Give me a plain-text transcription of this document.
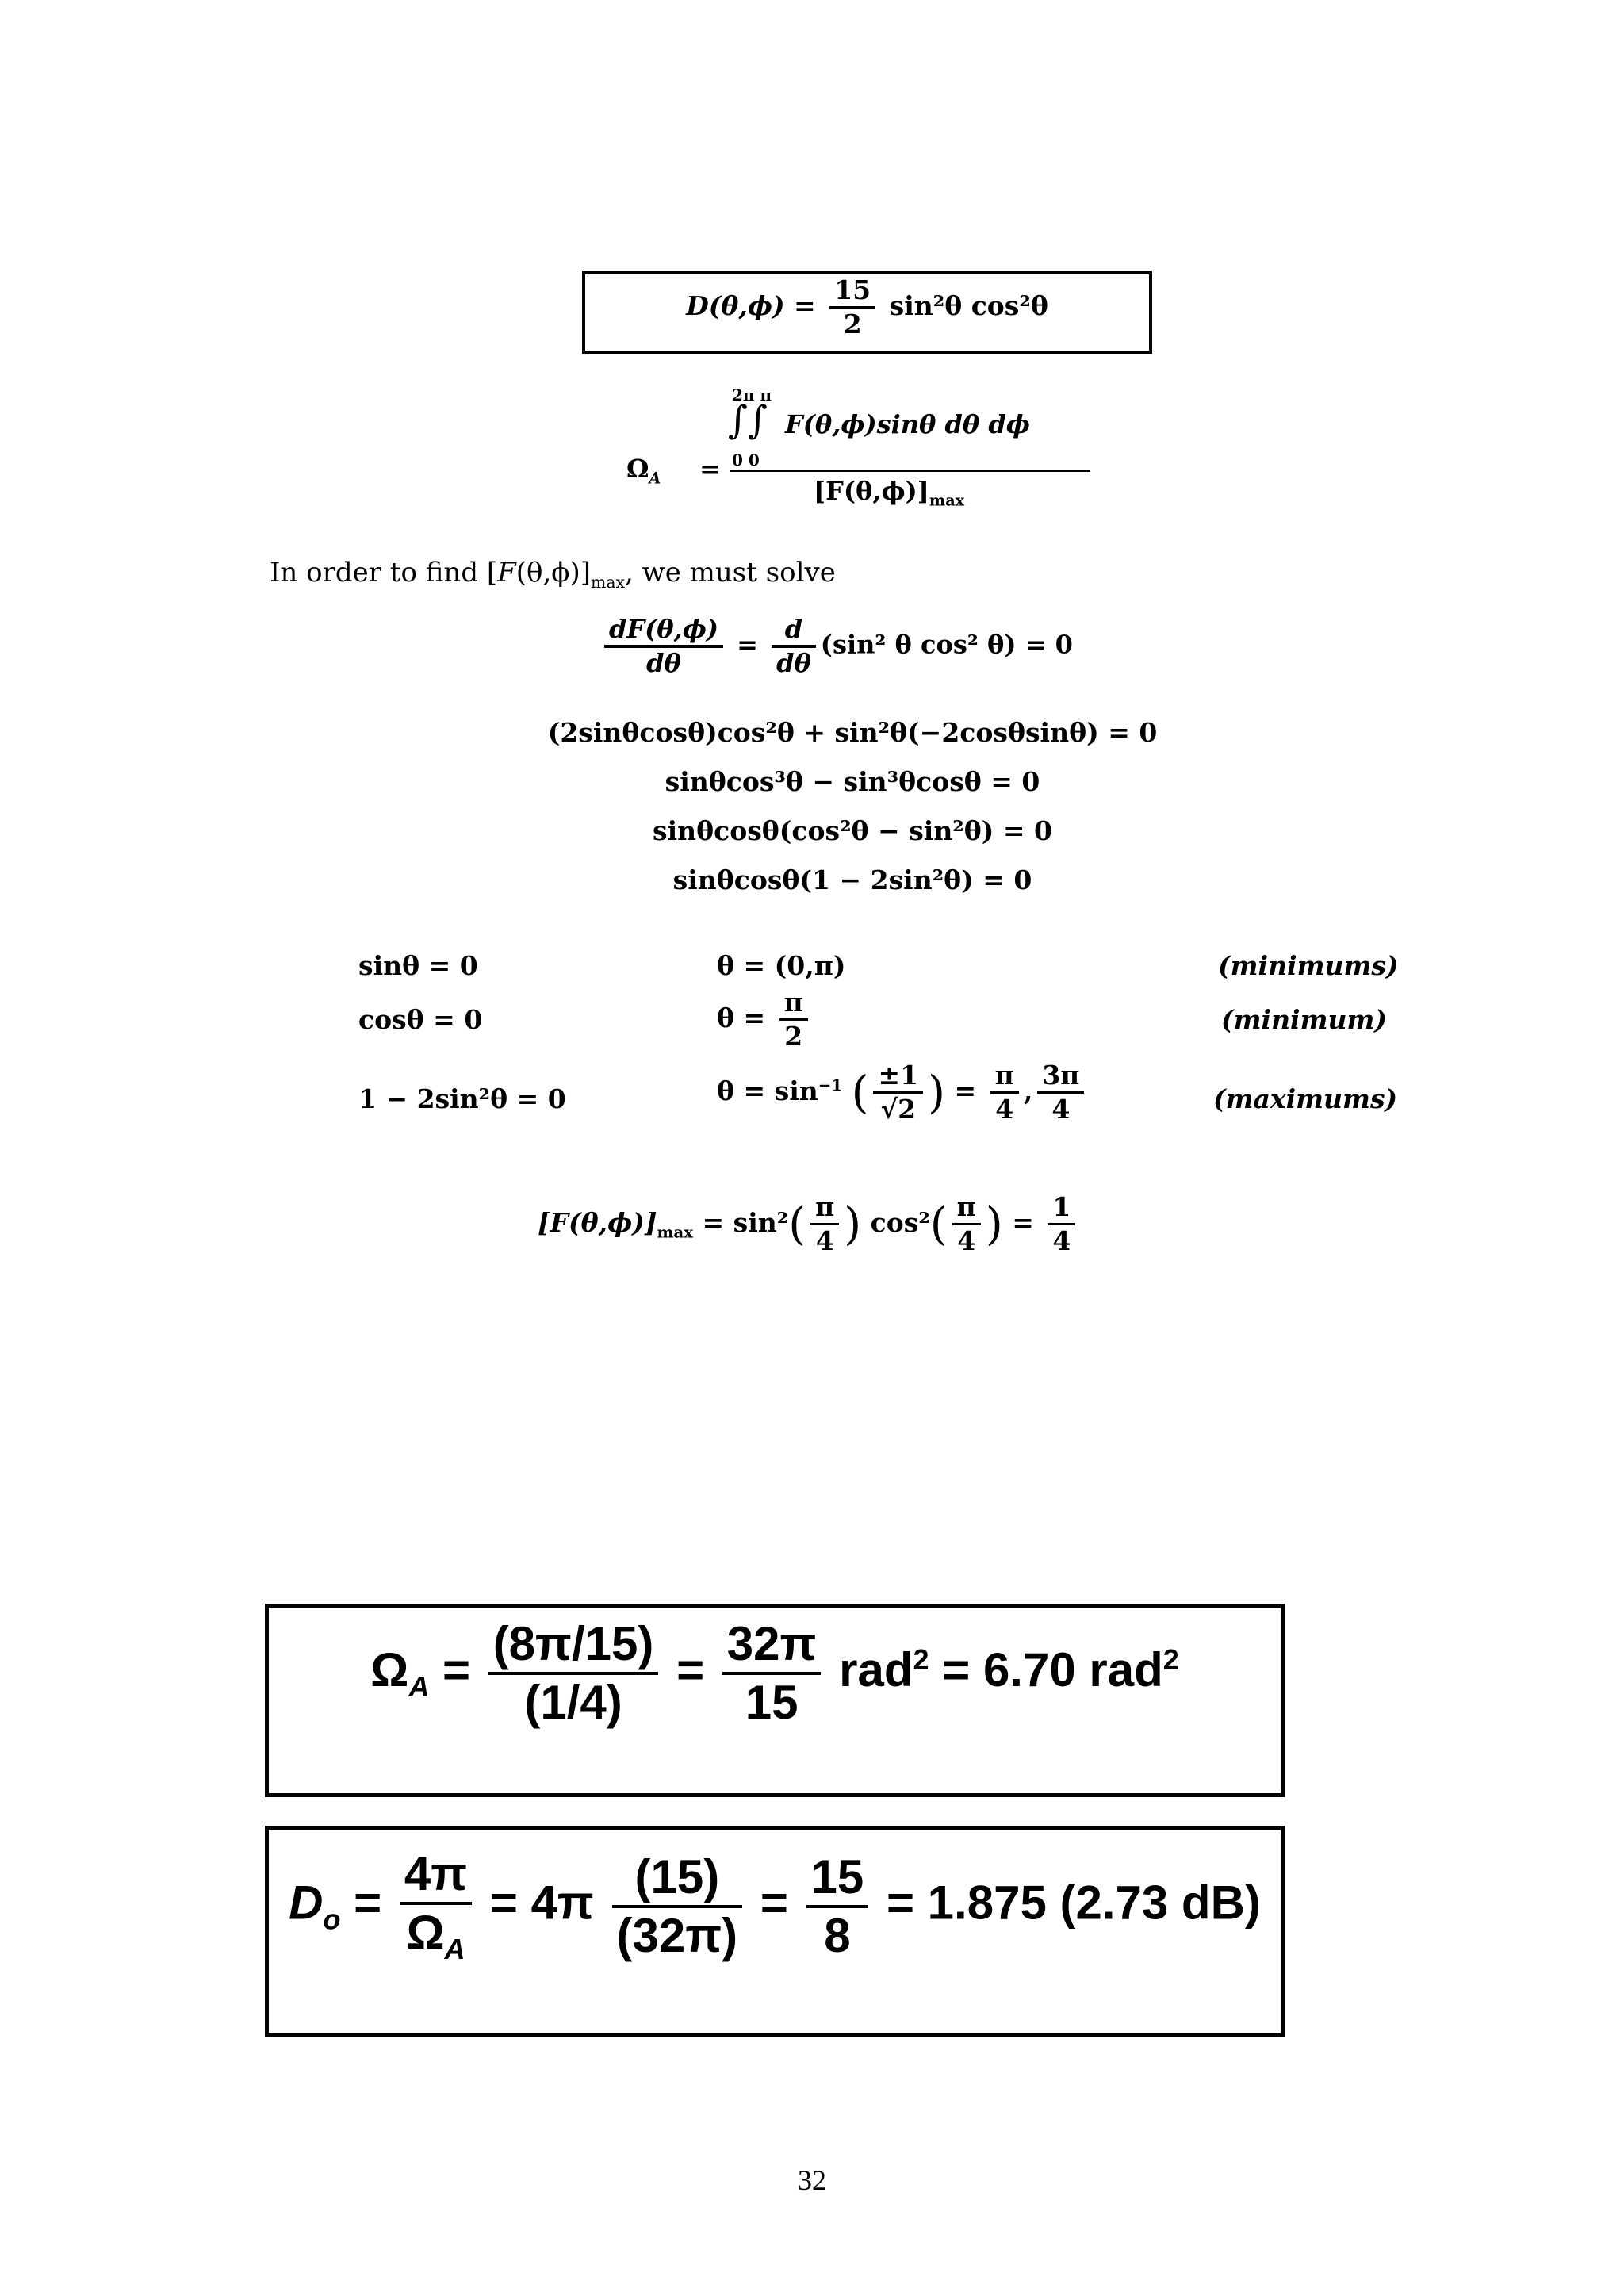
$D(\theta,\phi) = \frac{15}{2} \sin^2\theta$ cos²θ
$\Omega_A$ =
2π π
∫∫
0 0
F(θ,ϕ)sinθ dθ dϕ
$[F(\theta,\phi)]_{max}$
In order to find $[F(\theta,\phi)]_{max}$, we must solve
$\frac{dF(\theta,\phi)}{d\theta} = \frac{d}{d\theta} (\sin^2$ θ cos² θ) = 0
(2sinθcosθ)cos²θ + sin²θ(−2cosθsinθ) = 0
sinθcos³θ − sin³θcosθ = 0
sinθcosθ(cos²θ − sin²θ) = 0
sinθcosθ(1 − 2sin²θ) = 0
sinθ = 0	θ = (0,π)	(minimums)
cosθ = 0	$\theta = \frac{\pi}{2}$	(minimum)
1 − 2sin²θ = 0	$\theta = \sin^{-1}$ ( $\frac{\pm 1}{√2}$ ) = $\frac{\pi}{4}$ , $\frac{3\pi}{4}$	(maximums)
$[F(\theta,\phi)]_{max} = \sin^2( \frac{\pi}{4}$ ) $\cos^2( \frac{\pi}{4}$ ) = $\frac{1}{4}$
$\Omega_A = \frac{(8\pi/15)}{(1/4)} = \frac{32\pi}{15} rad^2 = 6.70$ rad$^2$
$D_o = \frac{4\pi}{\Omega_A} = 4\pi \frac{(15)}{(32\pi)} = \frac{15}{8} = 1.875$ (2.73 dB)
32
